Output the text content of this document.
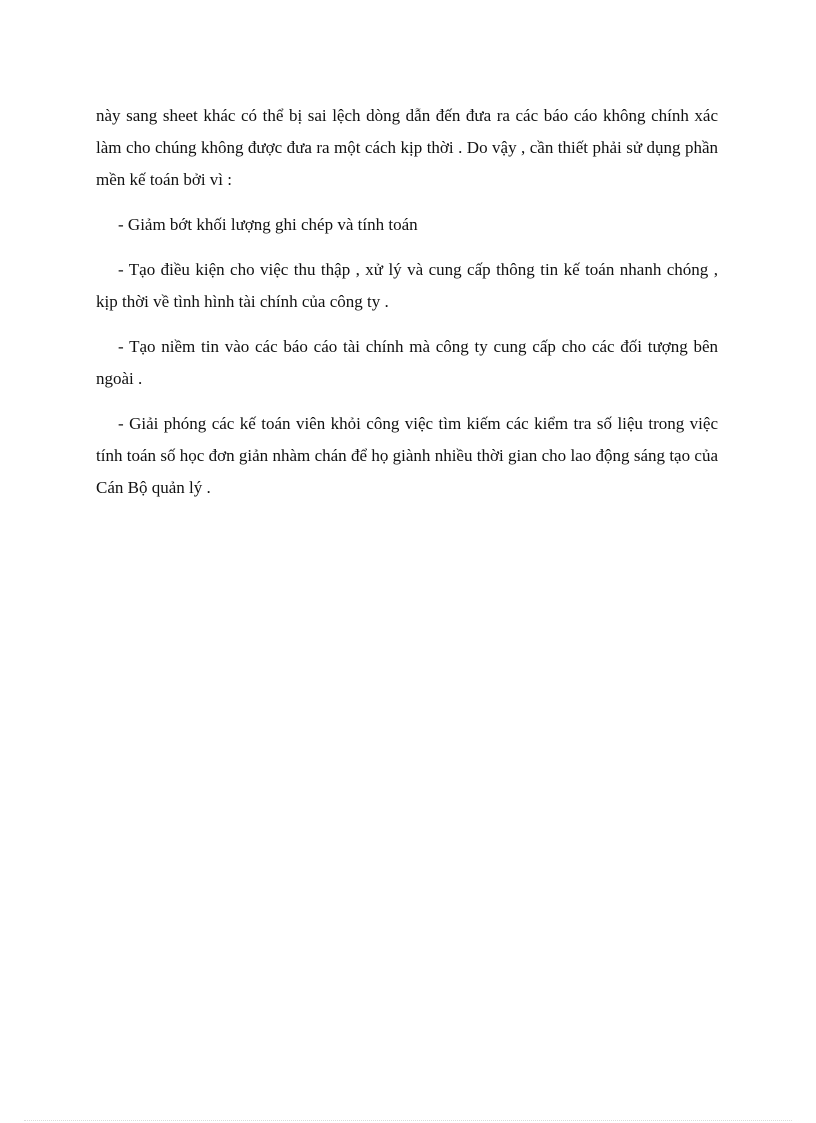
này sang sheet khác có thể bị sai lệch dòng dẫn đến đưa ra các báo cáo không chính xác làm cho chúng không được đưa ra một cách kịp thời . Do vậy , cần thiết phải sử dụng phần mền kế toán bởi vì :

- Giảm bớt khối lượng ghi chép và tính toán

- Tạo điều kiện cho việc thu thập , xử lý và cung cấp thông tin kế toán nhanh chóng , kịp thời về tình hình tài chính của công ty .

- Tạo niềm tin vào các báo cáo tài chính mà công ty cung cấp cho các đối tượng bên ngoài .

- Giải phóng các kế toán viên khỏi công việc tìm kiếm các kiểm tra số liệu trong việc tính toán số học đơn giản nhàm chán để họ giành nhiều thời gian cho lao động sáng tạo của Cán Bộ quản lý .
